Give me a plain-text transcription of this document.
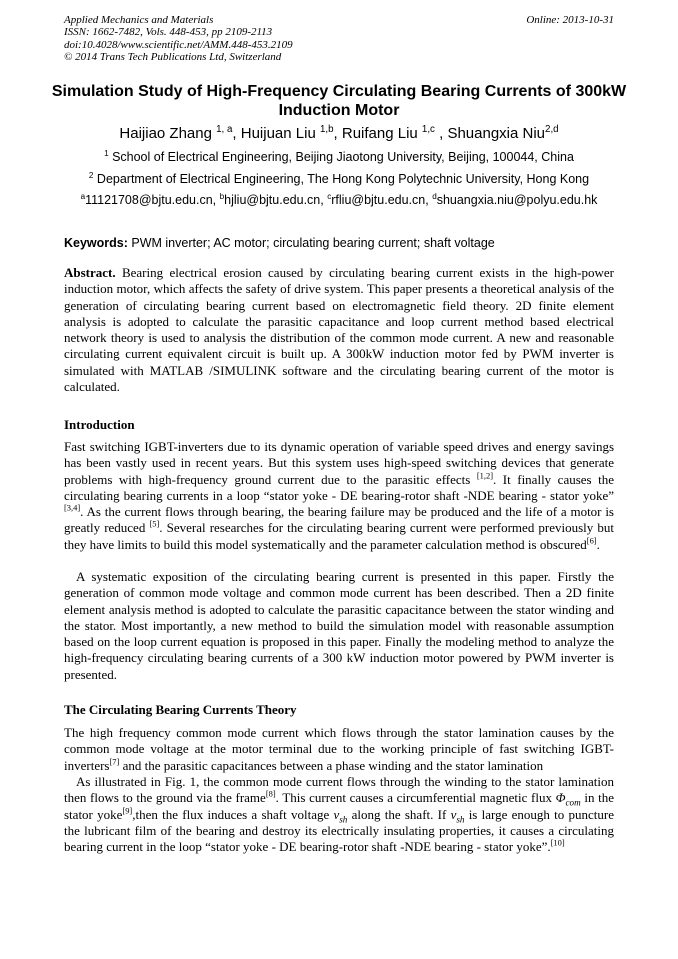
Applied Mechanics and Materials
ISSN: 1662-7482, Vols. 448-453, pp 2109-2113
doi:10.4028/www.scientific.net/AMM.448-453.2109
© 2014 Trans Tech Publications Ltd, Switzerland
Online: 2013-10-31
Simulation Study of High-Frequency Circulating Bearing Currents of 300kW Induction Motor
Haijiao Zhang $^{1, a}$, Huijuan Liu $^{1,b}$, Ruifang Liu $^{1,c}$ , Shuangxia Niu$^{2,d}$
$^1$ School of Electrical Engineering, Beijing Jiaotong University, Beijing, 100044, China
$^2$ Department of Electrical Engineering, The Hong Kong Polytechnic University, Hong Kong
$^a$11121708@bjtu.edu.cn, $^b$hjliu@bjtu.edu.cn, $^c$rfliu@bjtu.edu.cn, $^d$shuangxia.niu@polyu.edu.hk
Keywords: PWM inverter; AC motor; circulating bearing current; shaft voltage
Abstract. Bearing electrical erosion caused by circulating bearing current exists in the high-power induction motor, which affects the safety of drive system. This paper presents a theoretical analysis of the generation of circulating bearing current based on electromagnetic field theory. 2D finite element analysis is adopted to calculate the parasitic capacitance and loop current method based electrical network theory is used to analysis the distribution of the common mode current. A new and reasonable circulating current equivalent circuit is built up. A 300kW induction motor fed by PWM inverter is simulated with MATLAB /SIMULINK software and the circulating bearing current of the motor is calculated.
Introduction
Fast switching IGBT-inverters due to its dynamic operation of variable speed drives and energy savings has been vastly used in recent years. But this system uses high-speed switching devices that generate problems with high-frequency ground current due to the parasitic effects [1,2]. It finally causes the circulating bearing currents in a loop “stator yoke - DE bearing-rotor shaft -NDE bearing - stator yoke” [3,4]. As the current flows through bearing, the bearing failure may be produced and the life of a motor is greatly reduced [5]. Several researches for the circulating bearing current were performed previously but they have limits to build this model systematically and the parameter calculation method is obscured[6].
A systematic exposition of the circulating bearing current is presented in this paper. Firstly the generation of common mode voltage and common mode current has been described. Then a 2D finite element analysis method is adopted to calculate the parasitic capacitance between the stator winding and the stator. Most importantly, a new method to build the simulation model with reasonable assumption based on the loop current equation is proposed in this paper. Finally the modeling method to analyze the high-frequency circulating bearing currents of a 300 kW induction motor powered by PWM inverter is presented.
The Circulating Bearing Currents Theory
The high frequency common mode current which flows through the stator lamination causes by the common mode voltage at the motor terminal due to the working principle of fast switching IGBT-inverters[7] and the parasitic capacitances between a phase winding and the stator lamination
As illustrated in Fig. 1, the common mode current flows through the winding to the stator lamination then flows to the ground via the frame[8]. This current causes a circumferential magnetic flux $\Phi_{com}$ in the stator yoke[9],then the flux induces a shaft voltage $v_{sh}$ along the shaft. If $v_{sh}$ is large enough to puncture the lubricant film of the bearing and destroy its electrically insulating properties, it causes a circulating bearing current in the loop “stator yoke - DE bearing-rotor shaft -NDE bearing - stator yoke”.[10]
